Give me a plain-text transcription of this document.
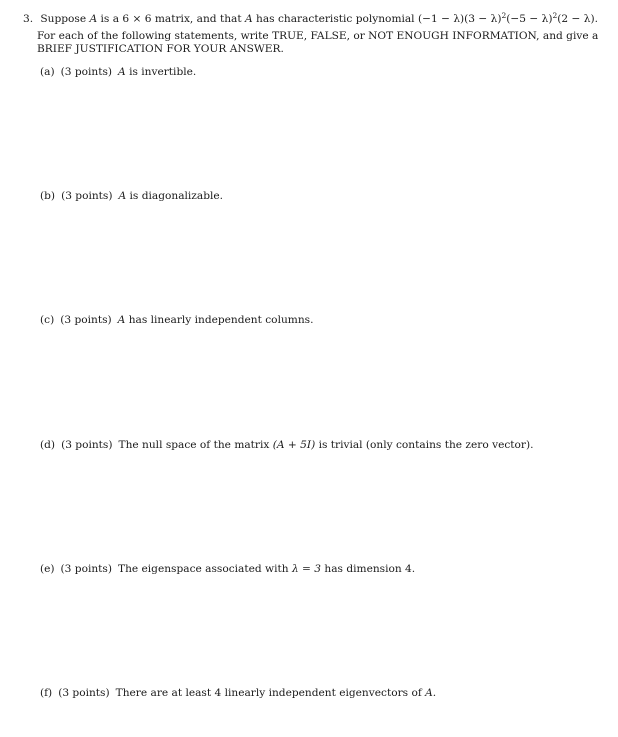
3. Suppose A is a 6 × 6 matrix, and that A has characteristic polynomial $(-1 - \lambda)(3 - \lambda)^2(-5 - \lambda)^2(2 - \lambda)$.
For each of the following statements, write TRUE, FALSE, or NOT ENOUGH INFORMATION, and give a BRIEF JUSTIFICATION FOR YOUR ANSWER.
(a) (3 points) A is invertible.
(b) (3 points) A is diagonalizable.
(c) (3 points) A has linearly independent columns.
(d) (3 points) The null space of the matrix (A + 5I) is trivial (only contains the zero vector).
(e) (3 points) The eigenspace associated with λ = 3 has dimension 4.
(f) (3 points) There are at least 4 linearly independent eigenvectors of A.
